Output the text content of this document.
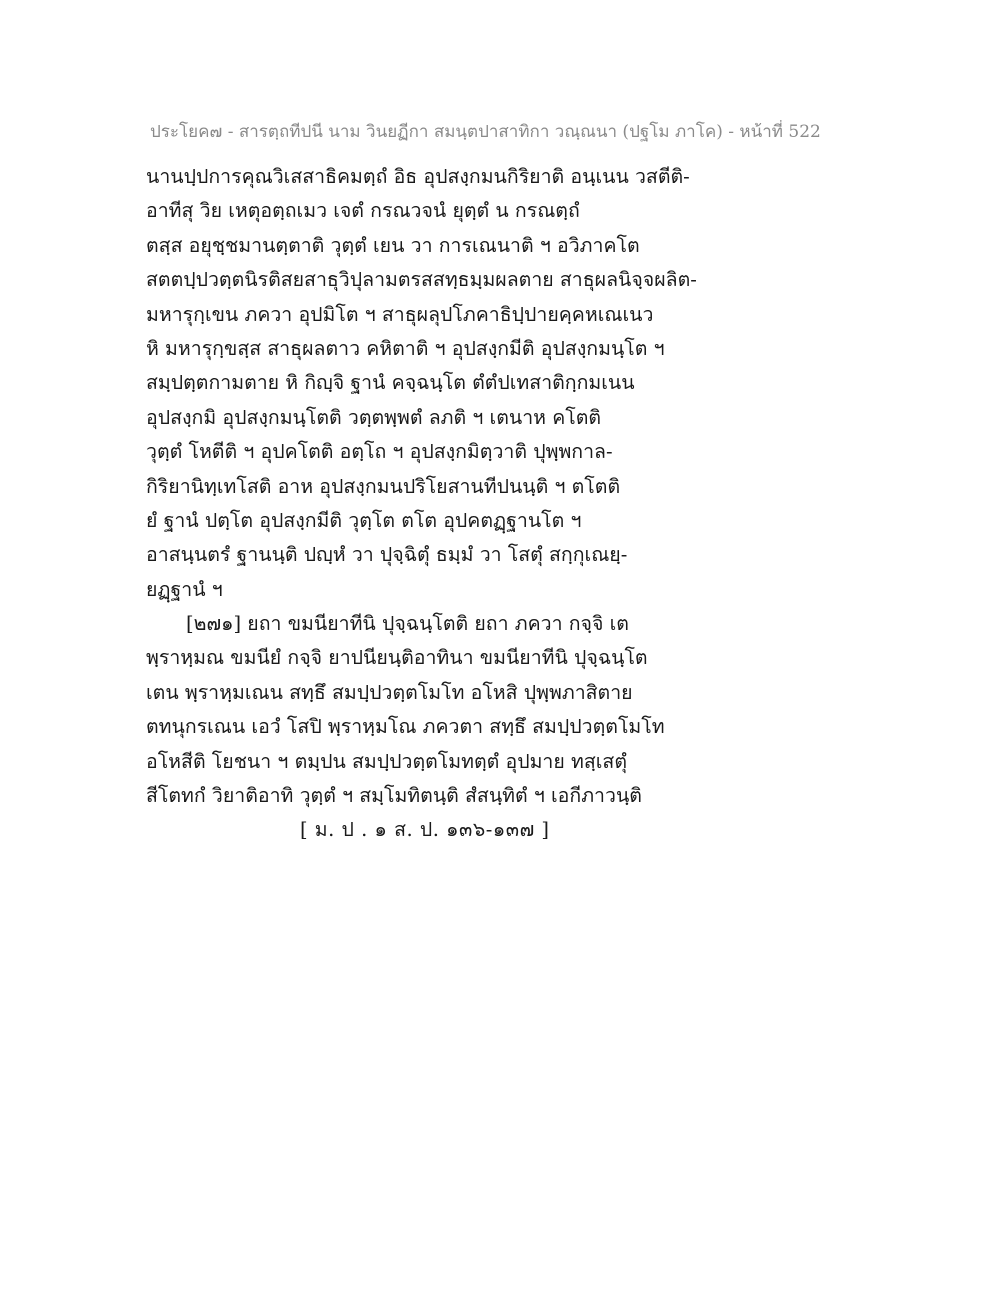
ประโยค๗ - สารตฺถทีปนี นาม วินยฏีกา สมนฺตปาสาทิกา วณฺณนา (ปฐโม ภาโค) - หน้าที่ 522
นานปฺปการคุณวิเสสาธิคมตฺถํ อิธ อุปสงฺกมนกิริยาติ อนฺเนน วสตีติ-
อาทีสุ วิย เหตุอตฺถเมว เจตํ กรณวจนํ ยุตฺตํ น กรณตฺถํ
ตสฺส อยุชฺชมานตฺตาติ วุตฺตํ เยน วา การเณนาติ ฯ อวิภาคโต
สตตปฺปวตฺตนิรติสยสาธุวิปุลามตรสสทฺธมฺมผลตาย สาธุผลนิจฺจผลิต-
มหารุกฺเขน ภควา อุปมิโต ฯ สาธุผลุปโภคาธิปฺปายคฺคหเณเนว
หิ มหารุกฺขสฺส สาธุผลตาว คหิตาติ ฯ อุปสงฺกมีติ อุปสงฺกมนฺโต ฯ
สมฺปตฺตกามตาย หิ กิญฺจิ ฐานํ คจฺฉนฺโต ตํตํปเทสาติกฺกมเนน
อุปสงฺกมิ อุปสงฺกมนฺโตติ วตฺตพฺพตํ ลภติ ฯ เตนาห คโตติ
วุตฺตํ โหตีติ ฯ อุปคโตติ อตฺโถ ฯ อุปสงฺกมิตฺวาติ ปุพฺพกาล-
กิริยานิทฺเทโสติ อาห อุปสงฺกมนปริโยสานทีปนนฺติ ฯ ตโตติ
ยํ ฐานํ ปตฺโต อุปสงฺกมีติ วุตฺโต ตโต อุปคตฏฺฐานโต ฯ
อาสนฺนตรํ ฐานนฺติ ปญฺหํ วา ปุจฺฉิตุํ ธมฺมํ วา โสตุํ สกฺกุเณยฺ-
ยฏฺฐานํ ฯ
[๒๗๑] ยถา ขมนียาทีนิ ปุจฺฉนฺโตติ ยถา ภควา กจฺจิ เต
พฺราหฺมณ ขมนียํ กจฺจิ ยาปนียนฺติอาทินา ขมนียาทีนิ ปุจฺฉนฺโต
เตน พฺราหฺมเณน สทฺธึ สมปฺปวตฺตโมโท อโหสิ ปุพฺพภาสิตาย
ตทนุกรเณน เอวํ โสปิ พฺราหฺมโณ ภควตา สทฺธึ สมปฺปวตฺตโมโท
อโหสีติ โยชนา ฯ ตมฺปน สมปฺปวตฺตโมทตฺตํ อุปมาย ทสฺเสตุํ
สีโตทกํ วิยาติอาทิ วุตฺตํ ฯ สมฺโมทิตนฺติ สํสนฺทิตํ ฯ เอกีภาวนฺติ
[ ม. ป . ๑ ส. ป. ๑๓๖-๑๓๗ ]
